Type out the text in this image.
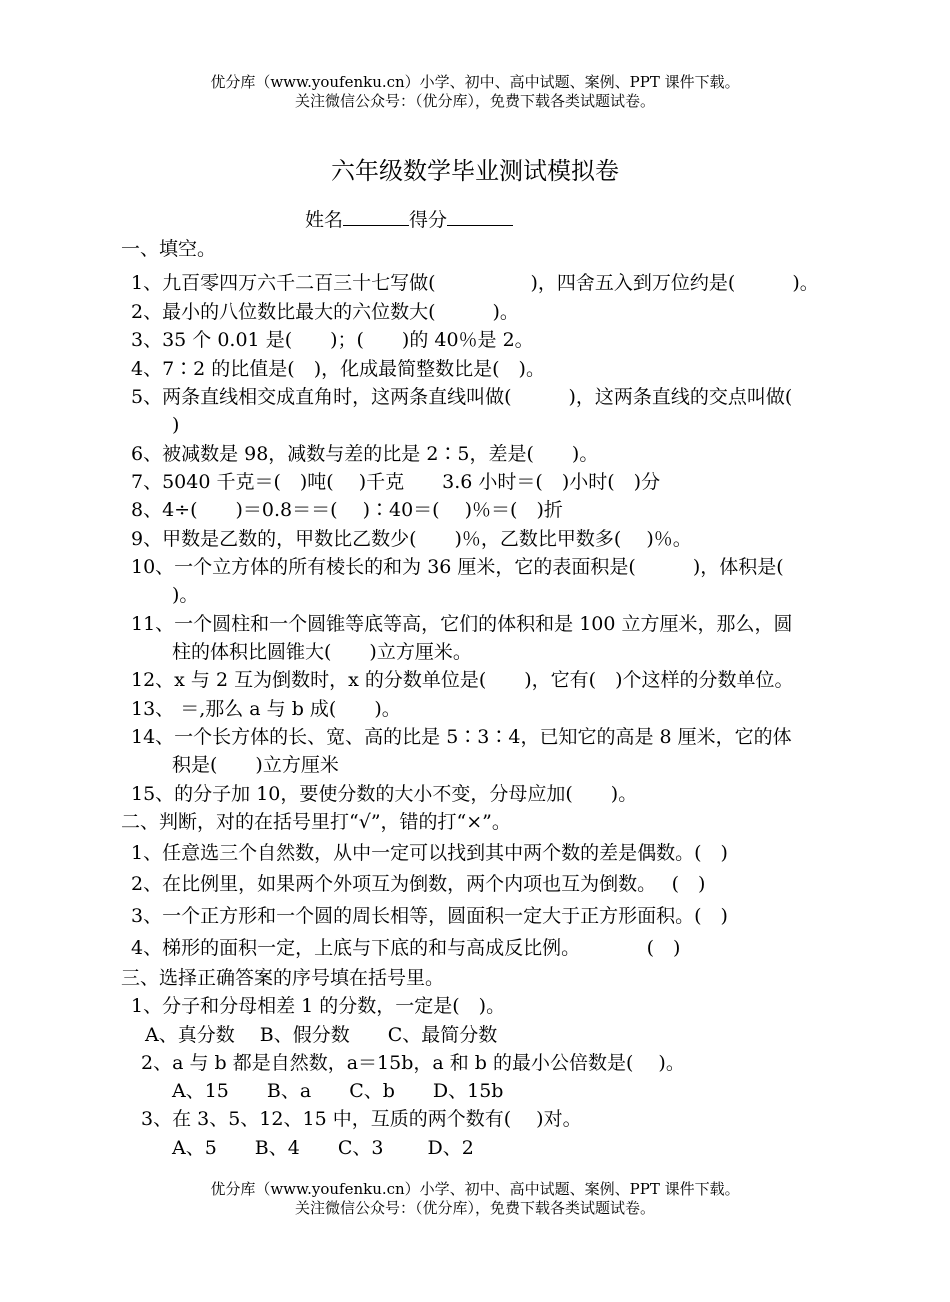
优分库（www.youfenku.cn）小学、初中、高中试题、案例、PPT 课件下载。
关注微信公众号：（优分库），免费下载各类试题试卷。
六年级数学毕业测试模拟卷
姓名	得分
一、填空。
1、九百零四万六千二百三十七写做(　　　　　)，四舍五入到万位约是(　　　)。
2、最小的八位数比最大的六位数大(　　　)。
3、35 个 0.01 是(　　)；(　　)的 40％是 2。
4、7∶2 的比值是(　)，化成最简整数比是(　)。
5、两条直线相交成直角时，这两条直线叫做(　　　)，这两条直线的交点叫做(
)
6、被减数是 98，减数与差的比是 2∶5，差是(　　)。
7、5040 千克＝(　)吨(　 )千克　　3.6 小时＝(　)小时(　)分
8、4÷(　　)＝0.8＝＝(　 )∶40＝(　 )％＝(　)折
9、甲数是乙数的，甲数比乙数少(　　)％，乙数比甲数多(　 )％。
10、一个立方体的所有棱长的和为 36 厘米，它的表面积是(　　　)，体积是(
)。
11、一个圆柱和一个圆锥等底等高，它们的体积和是 100 立方厘米，那么，圆
柱的体积比圆锥大(　　)立方厘米。
12、x 与 2 互为倒数时，x 的分数单位是(　　)，它有(　)个这样的分数单位。
13、 ＝,那么 a 与 b 成(　　)。
14、一个长方体的长、宽、高的比是 5∶3∶4，已知它的高是 8 厘米，它的体
积是(　　)立方厘米
15、的分子加 10，要使分数的大小不变，分母应加(　　)。
二、判断，对的在括号里打“√”，错的打“×”。
1、任意选三个自然数，从中一定可以找到其中两个数的差是偶数。(　)
2、在比例里，如果两个外项互为倒数，两个内项也互为倒数。　 (　)
3、一个正方形和一个圆的周长相等，圆面积一定大于正方形面积。(　)
4、梯形的面积一定，上底与下底的和与高成反比例。　　　　(　)
三、选择正确答案的序号填在括号里。
1、分子和分母相差 1 的分数，一定是(　)。
A、真分数　 B、假分数　　C、最简分数
2、a 与 b 都是自然数，a＝15b，a 和 b 的最小公倍数是(　 )。
A、15　　B、a　　C、b　　D、15b
3、在 3、5、12、15 中，互质的两个数有(　 )对。
A、5　　B、4　　C、3　　 D、2
优分库（www.youfenku.cn）小学、初中、高中试题、案例、PPT 课件下载。
关注微信公众号：（优分库），免费下载各类试题试卷。
